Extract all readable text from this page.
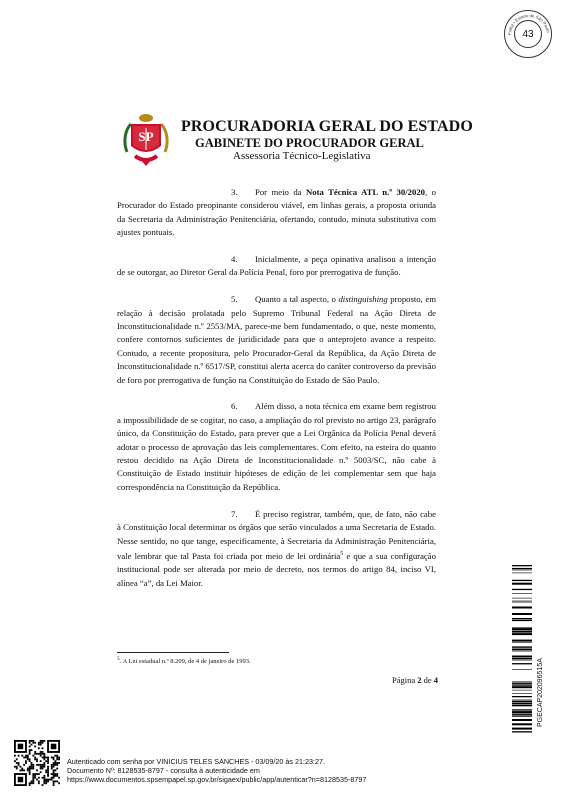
Folha • Estado de São Paulo
43
SP
PROCURADORIA GERAL DO ESTADO
GABINETE DO PROCURADOR GERAL
Assessoria Técnico-Legislativa
3. Por meio da Nota Técnica ATL n.º 30/2020, o Procurador do Estado preopinante considerou viável, em linhas gerais, a proposta oriunda da Secretaria da Administração Penitenciária, ofertando, contudo, minuta substitutiva com ajustes pontuais.
4. Inicialmente, a peça opinativa analisou a intenção de se outorgar, ao Diretor Geral da Polícia Penal, foro por prerrogativa de função.
5. Quanto a tal aspecto, o distinguishing proposto, em relação à decisão prolatada pelo Supremo Tribunal Federal na Ação Direta de Inconstitucionalidade n.º 2553/MA, parece-me bem fundamentado, o que, neste momento, confere contornos suficientes de juridicidade para que o anteprojeto avance a respeito. Contudo, a recente propositura, pelo Procurador-Geral da República, da Ação Direta de Inconstitucionalidade n.º 6517/SP, constitui alerta acerca do caráter controverso da previsão de foro por prerrogativa de função na Constituição do Estado de São Paulo.
6. Além disso, a nota técnica em exame bem registrou a impossibilidade de se cogitar, no caso, a ampliação do rol previsto no artigo 23, parágrafo único, da Constituição do Estado, para prever que a Lei Orgânica da Polícia Penal deverá adotar o processo de aprovação das leis complementares. Com efeito, na esteira do quanto restou decidido na Ação Direta de Inconstitucionalidade n.º 5003/SC, não cabe à Constituição de Estado instituir hipóteses de edição de lei complementar sem que haja correspondência na Constituição da República.
7. É preciso registrar, também, que, de fato, não cabe à Constituição local determinar os órgãos que serão vinculados a uma Secretaria de Estado. Nesse sentido, no que tange, especificamente, à Secretaria da Administração Penitenciária, vale lembrar que tal Pasta foi criada por meio de lei ordinária$^5$ e que a sua configuração institucional pode ser alterada por meio de decreto, nos termos do artigo 84, inciso VI, alínea “a”, da Lei Maior.
$^5$. A Lei estadual n.º 8.209, de 4 de janeiro de 1993.
Página 2 de 4	PGECAP202096515A
Autenticado com senha por VINICIUS TELES SANCHES - 03/09/20 às 21:23:27.
Documento Nº: 8128535-8797 - consulta à autenticidade em
https://www.documentos.spsempapel.sp.gov.br/sigaex/public/app/autenticar?n=8128535-8797
